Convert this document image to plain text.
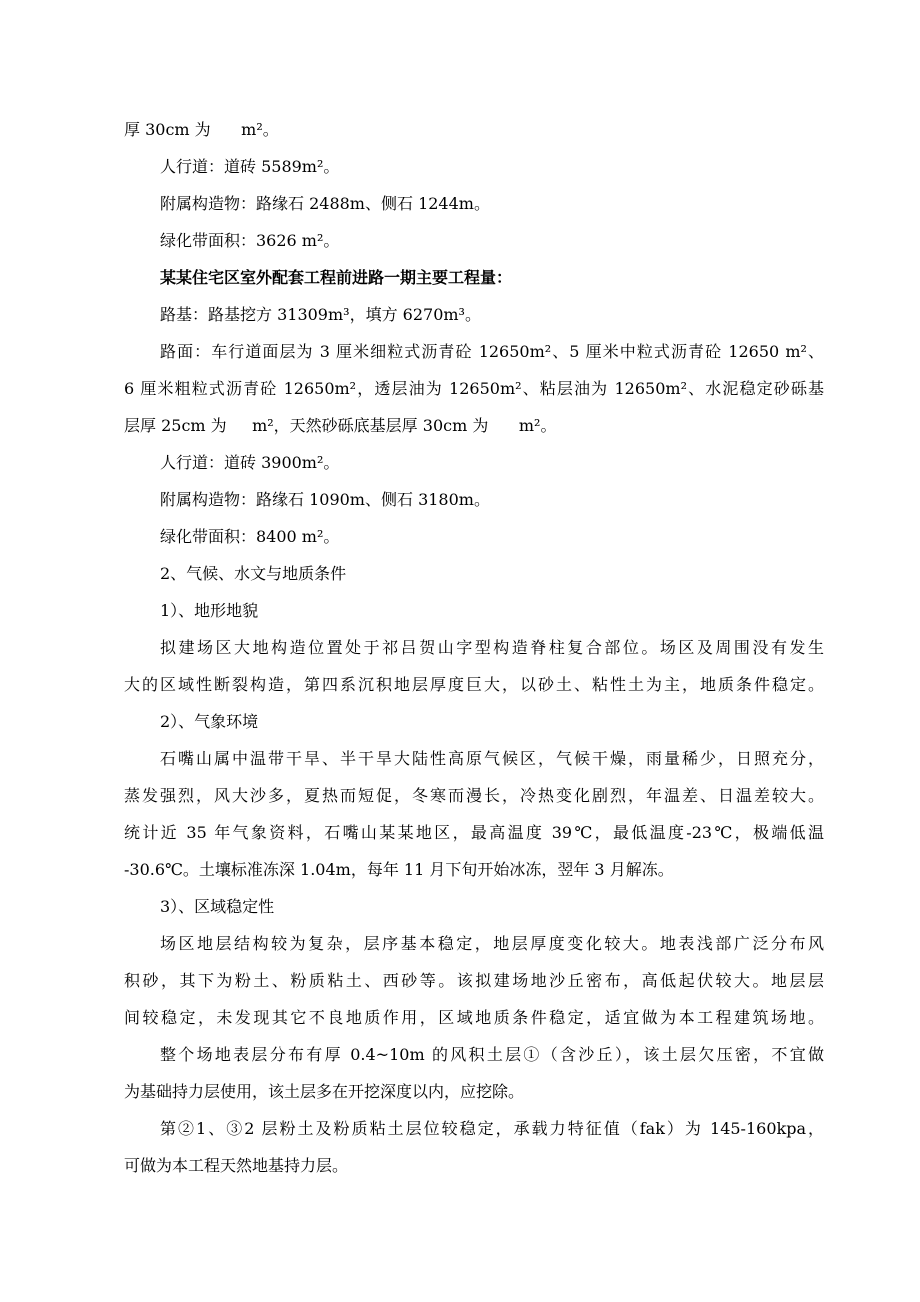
厚 30cm 为      m²。

人行道：道砖 5589m²。

附属构造物：路缘石 2488m、侧石 1244m。

绿化带面积：3626 m²。

某某住宅区室外配套工程前进路一期主要工程量：

路基：路基挖方 31309m³，填方 6270m³。

路面：车行道面层为 3 厘米细粒式沥青砼 12650m²、5 厘米中粒式沥青砼 12650 m²、

6 厘米粗粒式沥青砼 12650m²，透层油为 12650m²、粘层油为 12650m²、水泥稳定砂砾基

层厚 25cm 为     m²，天然砂砾底基层厚 30cm 为      m²。

人行道：道砖 3900m²。

附属构造物：路缘石 1090m、侧石 3180m。

绿化带面积：8400 m²。

2、气候、水文与地质条件

1）、地形地貌

拟建场区大地构造位置处于祁吕贺山字型构造脊柱复合部位。场区及周围没有发生

大的区域性断裂构造，第四系沉积地层厚度巨大，以砂土、粘性土为主，地质条件稳定。

2）、气象环境

石嘴山属中温带干旱、半干旱大陆性高原气候区，气候干燥，雨量稀少，日照充分，

蒸发强烈，风大沙多，夏热而短促，冬寒而漫长，冷热变化剧烈，年温差、日温差较大。

统计近 35 年气象资料，石嘴山某某地区，最高温度 39℃，最低温度-23℃，极端低温

-30.6℃。土壤标准冻深 1.04m，每年 11 月下旬开始冰冻，翌年 3 月解冻。

3）、区域稳定性

场区地层结构较为复杂，层序基本稳定，地层厚度变化较大。地表浅部广泛分布风

积砂，其下为粉土、粉质粘土、西砂等。该拟建场地沙丘密布，高低起伏较大。地层层

间较稳定，未发现其它不良地质作用，区域地质条件稳定，适宜做为本工程建筑场地。

整个场地表层分布有厚 0.4~10m 的风积土层①（含沙丘），该土层欠压密，不宜做

为基础持力层使用，该土层多在开挖深度以内，应挖除。

第②1、③2 层粉土及粉质粘土层位较稳定，承载力特征值（fak）为 145-160kpa，

可做为本工程天然地基持力层。
